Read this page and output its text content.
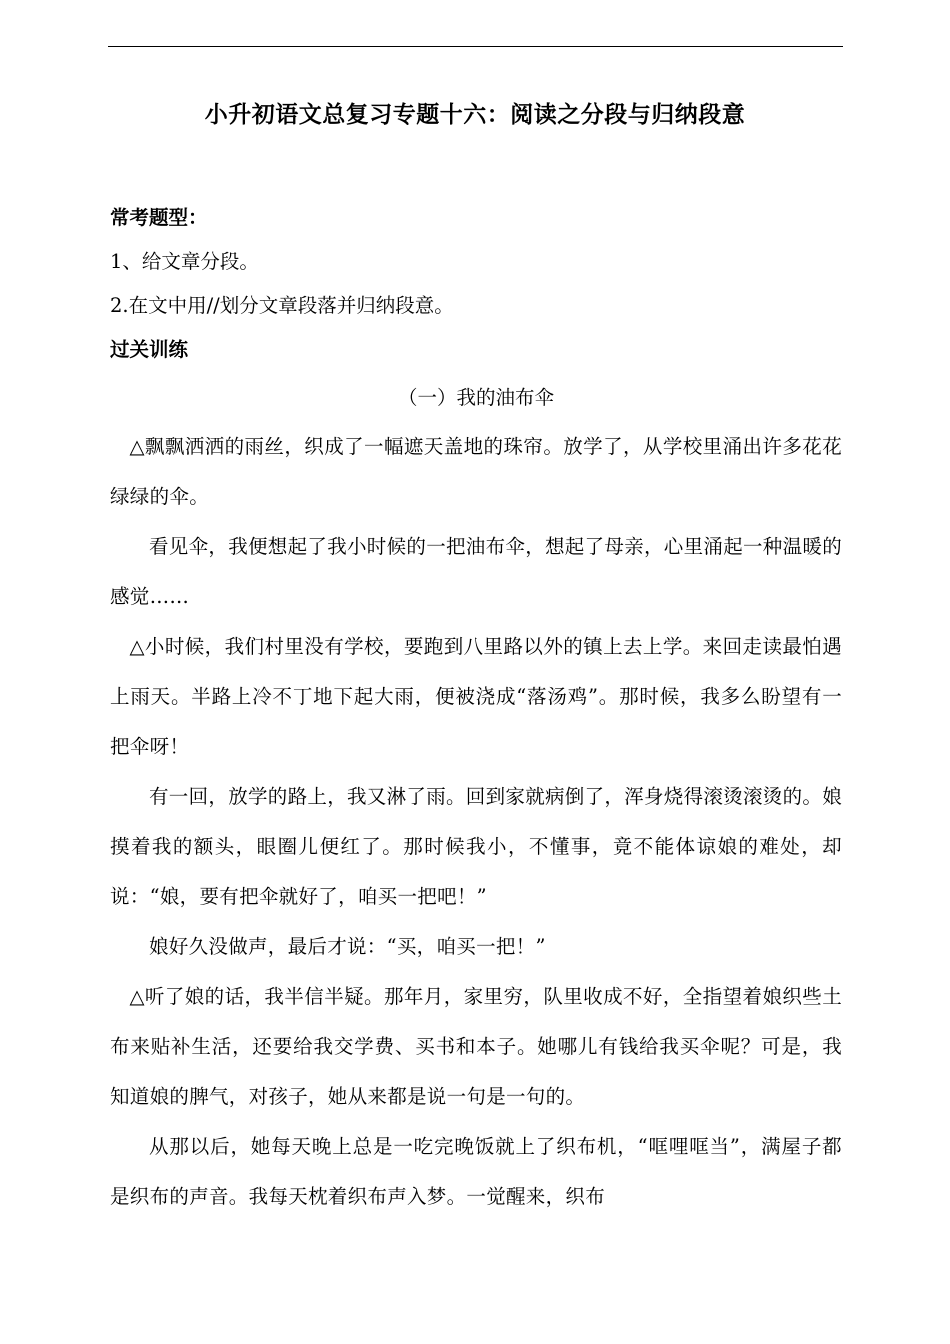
小升初语文总复习专题十六：阅读之分段与归纳段意
常考题型：
1、给文章分段。
2.在文中用//划分文章段落并归纳段意。
过关训练
（一）我的油布伞

△飘飘洒洒的雨丝，织成了一幅遮天盖地的珠帘。放学了，从学校里涌出许多花花绿绿的伞。

看见伞，我便想起了我小时候的一把油布伞，想起了母亲，心里涌起一种温暖的感觉……

△小时候，我们村里没有学校，要跑到八里路以外的镇上去上学。来回走读最怕遇上雨天。半路上冷不丁地下起大雨，便被浇成“落汤鸡”。那时候，我多么盼望有一把伞呀！

有一回，放学的路上，我又淋了雨。回到家就病倒了，浑身烧得滚烫滚烫的。娘摸着我的额头，眼圈儿便红了。那时候我小，不懂事，竟不能体谅娘的难处，却说：“娘，要有把伞就好了，咱买一把吧！”

娘好久没做声，最后才说：“买，咱买一把！”

△听了娘的话，我半信半疑。那年月，家里穷，队里收成不好，全指望着娘织些土布来贴补生活，还要给我交学费、买书和本子。她哪儿有钱给我买伞呢？可是，我知道娘的脾气，对孩子，她从来都是说一句是一句的。

从那以后，她每天晚上总是一吃完晚饭就上了织布机，“哐哩哐当”，满屋子都是织布的声音。我每天枕着织布声入梦。一觉醒来，织布
